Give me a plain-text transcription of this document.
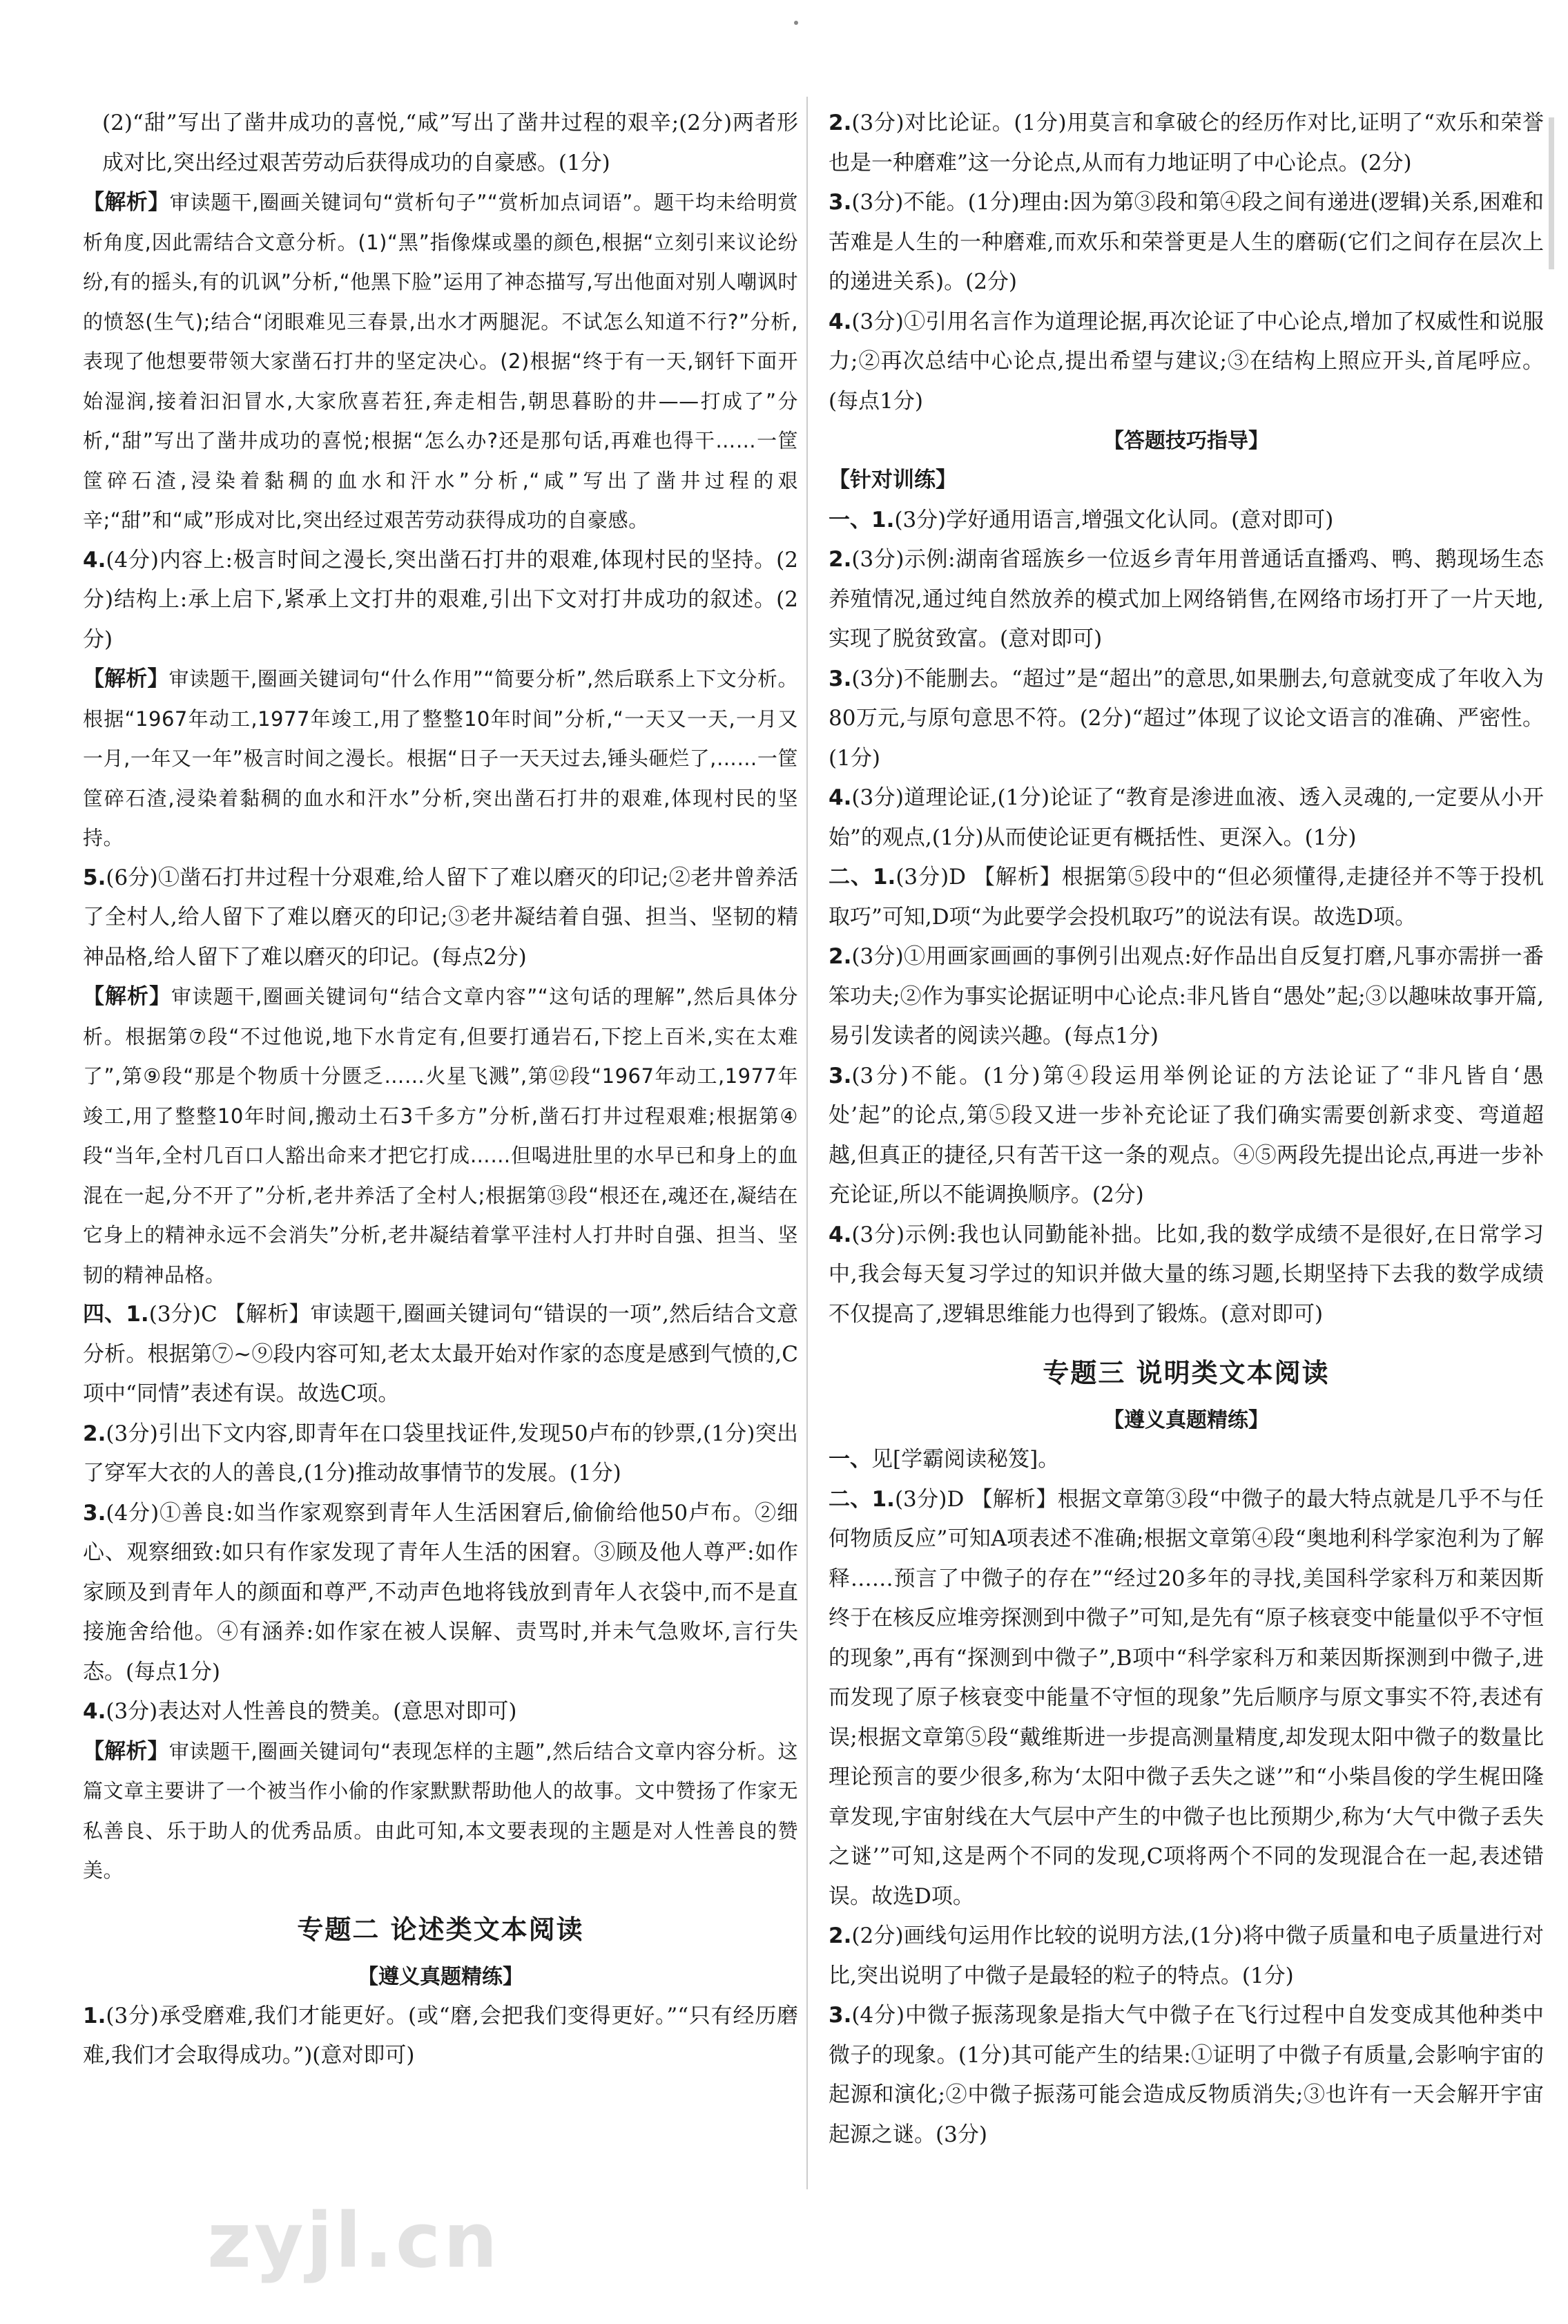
(2)“甜”写出了凿井成功的喜悦,“咸”写出了凿井过程的艰辛;(2分)两者形成对比,突出经过艰苦劳动后获得成功的自豪感。(1分)
【解析】审读题干,圈画关键词句“赏析句子”“赏析加点词语”。题干均未给明赏析角度,因此需结合文意分析。(1)“黑”指像煤或墨的颜色,根据“立刻引来议论纷纷,有的摇头,有的讥讽”分析,“他黑下脸”运用了神态描写,写出他面对别人嘲讽时的愤怒(生气);结合“闭眼难见三春景,出水才两腿泥。不试怎么知道不行?”分析,表现了他想要带领大家凿石打井的坚定决心。(2)根据“终于有一天,钢钎下面开始湿润,接着汩汩冒水,大家欣喜若狂,奔走相告,朝思暮盼的井——打成了”分析,“甜”写出了凿井成功的喜悦;根据“怎么办?还是那句话,再难也得干……一筐筐碎石渣,浸染着黏稠的血水和汗水”分析,“咸”写出了凿井过程的艰辛;“甜”和“咸”形成对比,突出经过艰苦劳动获得成功的自豪感。
4.(4分)内容上:极言时间之漫长,突出凿石打井的艰难,体现村民的坚持。(2分)结构上:承上启下,紧承上文打井的艰难,引出下文对打井成功的叙述。(2分)
【解析】审读题干,圈画关键词句“什么作用”“简要分析”,然后联系上下文分析。根据“1967年动工,1977年竣工,用了整整10年时间”分析,“一天又一天,一月又一月,一年又一年”极言时间之漫长。根据“日子一天天过去,锤头砸烂了,……一筐筐碎石渣,浸染着黏稠的血水和汗水”分析,突出凿石打井的艰难,体现村民的坚持。
5.(6分)①凿石打井过程十分艰难,给人留下了难以磨灭的印记;②老井曾养活了全村人,给人留下了难以磨灭的印记;③老井凝结着自强、担当、坚韧的精神品格,给人留下了难以磨灭的印记。(每点2分)
【解析】审读题干,圈画关键词句“结合文章内容”“这句话的理解”,然后具体分析。根据第⑦段“不过他说,地下水肯定有,但要打通岩石,下挖上百米,实在太难了”,第⑨段“那是个物质十分匮乏……火星飞溅”,第⑫段“1967年动工,1977年竣工,用了整整10年时间,搬动土石3千多方”分析,凿石打井过程艰难;根据第④段“当年,全村几百口人豁出命来才把它打成……但喝进肚里的水早已和身上的血混在一起,分不开了”分析,老井养活了全村人;根据第⑬段“根还在,魂还在,凝结在它身上的精神永远不会消失”分析,老井凝结着掌平洼村人打井时自强、担当、坚韧的精神品格。
四、1.(3分)C 【解析】审读题干,圈画关键词句“错误的一项”,然后结合文意分析。根据第⑦~⑨段内容可知,老太太最开始对作家的态度是感到气愤的,C项中“同情”表述有误。故选C项。
2.(3分)引出下文内容,即青年在口袋里找证件,发现50卢布的钞票,(1分)突出了穿军大衣的人的善良,(1分)推动故事情节的发展。(1分)
3.(4分)①善良:如当作家观察到青年人生活困窘后,偷偷给他50卢布。②细心、观察细致:如只有作家发现了青年人生活的困窘。③顾及他人尊严:如作家顾及到青年人的颜面和尊严,不动声色地将钱放到青年人衣袋中,而不是直接施舍给他。④有涵养:如作家在被人误解、责骂时,并未气急败坏,言行失态。(每点1分)
4.(3分)表达对人性善良的赞美。(意思对即可)
【解析】审读题干,圈画关键词句“表现怎样的主题”,然后结合文章内容分析。这篇文章主要讲了一个被当作小偷的作家默默帮助他人的故事。文中赞扬了作家无私善良、乐于助人的优秀品质。由此可知,本文要表现的主题是对人性善良的赞美。
专题二 论述类文本阅读
【遵义真题精练】
1.(3分)承受磨难,我们才能更好。(或“磨,会把我们变得更好。”“只有经历磨难,我们才会取得成功。”)(意对即可)
2.(3分)对比论证。(1分)用莫言和拿破仑的经历作对比,证明了“欢乐和荣誉也是一种磨难”这一分论点,从而有力地证明了中心论点。(2分)
3.(3分)不能。(1分)理由:因为第③段和第④段之间有递进(逻辑)关系,困难和苦难是人生的一种磨难,而欢乐和荣誉更是人生的磨砺(它们之间存在层次上的递进关系)。(2分)
4.(3分)①引用名言作为道理论据,再次论证了中心论点,增加了权威性和说服力;②再次总结中心论点,提出希望与建议;③在结构上照应开头,首尾呼应。(每点1分)
【答题技巧指导】
【针对训练】
一、1.(3分)学好通用语言,增强文化认同。(意对即可)
2.(3分)示例:湖南省瑶族乡一位返乡青年用普通话直播鸡、鸭、鹅现场生态养殖情况,通过纯自然放养的模式加上网络销售,在网络市场打开了一片天地,实现了脱贫致富。(意对即可)
3.(3分)不能删去。“超过”是“超出”的意思,如果删去,句意就变成了年收入为80万元,与原句意思不符。(2分)“超过”体现了议论文语言的准确、严密性。(1分)
4.(3分)道理论证,(1分)论证了“教育是渗进血液、透入灵魂的,一定要从小开始”的观点,(1分)从而使论证更有概括性、更深入。(1分)
二、1.(3分)D 【解析】根据第⑤段中的“但必须懂得,走捷径并不等于投机取巧”可知,D项“为此要学会投机取巧”的说法有误。故选D项。
2.(3分)①用画家画画的事例引出观点:好作品出自反复打磨,凡事亦需拼一番笨功夫;②作为事实论据证明中心论点:非凡皆自“愚处”起;③以趣味故事开篇,易引发读者的阅读兴趣。(每点1分)
3.(3分)不能。(1分)第④段运用举例论证的方法论证了“非凡皆自‘愚处’起”的论点,第⑤段又进一步补充论证了我们确实需要创新求变、弯道超越,但真正的捷径,只有苦干这一条的观点。④⑤两段先提出论点,再进一步补充论证,所以不能调换顺序。(2分)
4.(3分)示例:我也认同勤能补拙。比如,我的数学成绩不是很好,在日常学习中,我会每天复习学过的知识并做大量的练习题,长期坚持下去我的数学成绩不仅提高了,逻辑思维能力也得到了锻炼。(意对即可)
专题三 说明类文本阅读
【遵义真题精练】
一、见[学霸阅读秘笈]。
二、1.(3分)D 【解析】根据文章第③段“中微子的最大特点就是几乎不与任何物质反应”可知A项表述不准确;根据文章第④段“奥地利科学家泡利为了解释……预言了中微子的存在”“经过20多年的寻找,美国科学家科万和莱因斯终于在核反应堆旁探测到中微子”可知,是先有“原子核衰变中能量似乎不守恒的现象”,再有“探测到中微子”,B项中“科学家科万和莱因斯探测到中微子,进而发现了原子核衰变中能量不守恒的现象”先后顺序与原文事实不符,表述有误;根据文章第⑤段“戴维斯进一步提高测量精度,却发现太阳中微子的数量比理论预言的要少很多,称为‘太阳中微子丢失之谜’”和“小柴昌俊的学生梶田隆章发现,宇宙射线在大气层中产生的中微子也比预期少,称为‘大气中微子丢失之谜’”可知,这是两个不同的发现,C项将两个不同的发现混合在一起,表述错误。故选D项。
2.(2分)画线句运用作比较的说明方法,(1分)将中微子质量和电子质量进行对比,突出说明了中微子是最轻的粒子的特点。(1分)
3.(4分)中微子振荡现象是指大气中微子在飞行过程中自发变成其他种类中微子的现象。(1分)其可能产生的结果:①证明了中微子有质量,会影响宇宙的起源和演化;②中微子振荡可能会造成反物质消失;③也许有一天会解开宇宙起源之谜。(3分)
zyjl.cn
